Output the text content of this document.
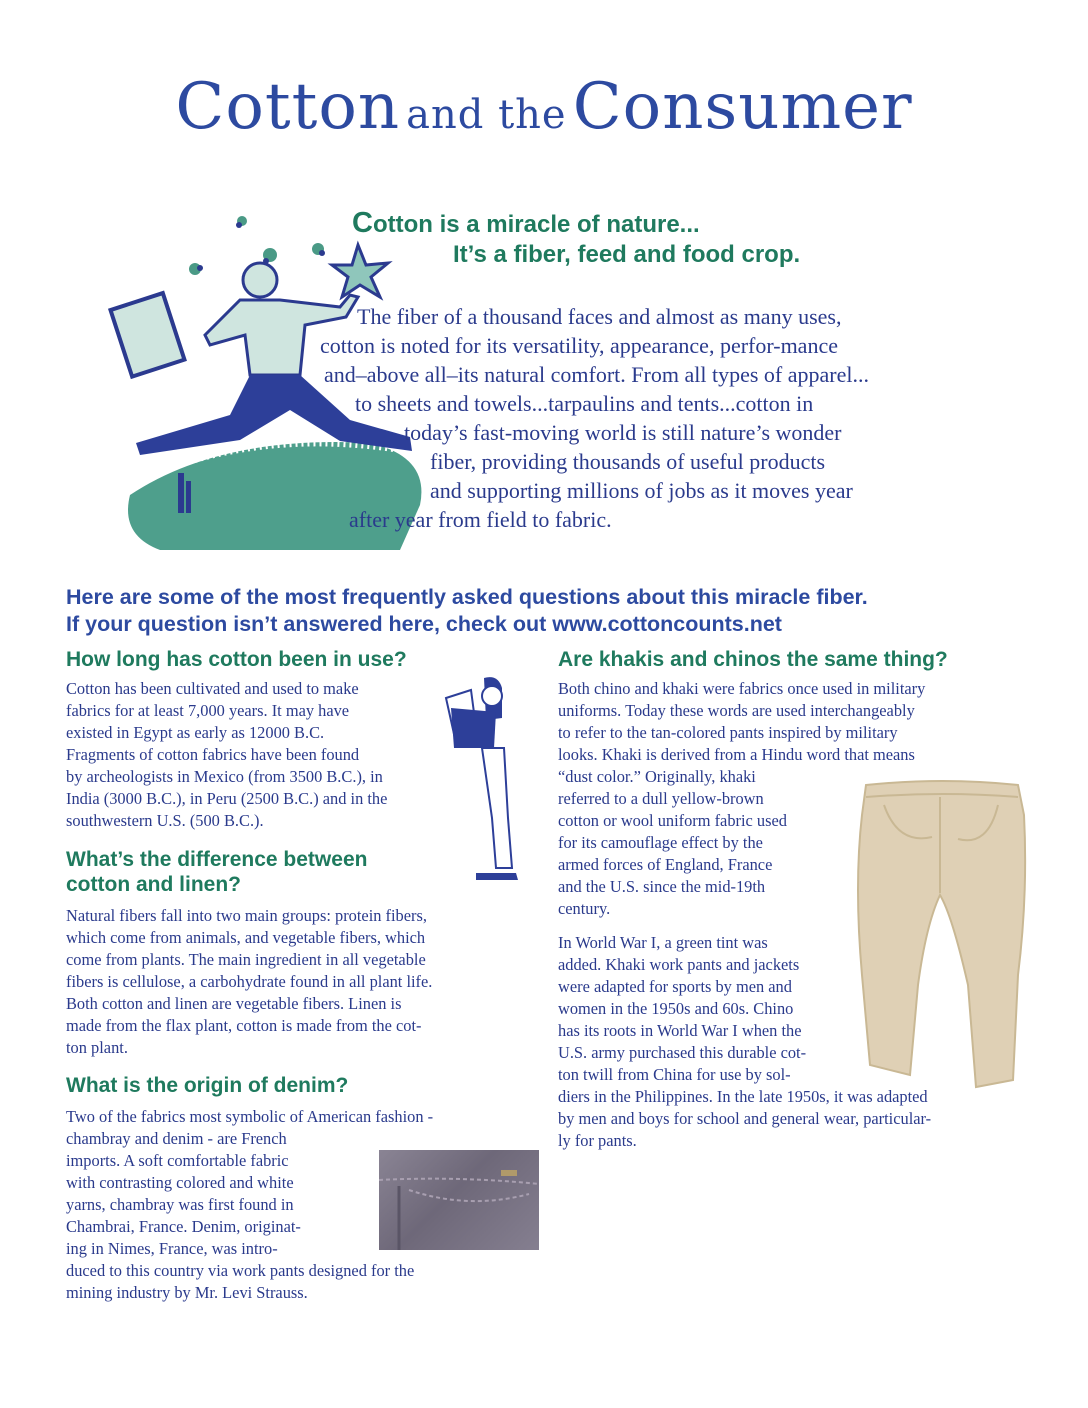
Cotton and the Consumer
Cotton is a miracle of nature...
It’s a fiber, feed and food crop.
The fiber of a thousand faces and almost as many uses,
cotton is noted for its versatility, appearance, perfor-mance
and–above all–its natural comfort. From all types of apparel...
to sheets and towels...tarpaulins and tents...cotton in
today’s fast-moving world is still nature’s wonder
fiber, providing thousands of useful products
and supporting millions of jobs as it moves year
after year from field to fabric.
Here are some of the most frequently asked questions about this miracle fiber.
If your question isn’t answered here, check out www.cottoncounts.net
How long has cotton been in use?
Cotton has been cultivated and used to make
fabrics for at least 7,000 years. It may have
existed in Egypt as early as 12000 B.C.
Fragments of cotton fabrics have been found
by archeologists in Mexico (from 3500 B.C.), in
India (3000 B.C.), in Peru (2500 B.C.) and in the
southwestern U.S. (500 B.C.).
What’s the difference between
cotton and linen?
Natural fibers fall into two main groups: protein fibers,
which come from animals, and vegetable fibers, which
come from plants. The main ingredient in all vegetable
fibers is cellulose, a carbohydrate found in all plant life.
Both cotton and linen are vegetable fibers. Linen is
made from the flax plant, cotton is made from the cot-
ton plant.
What is the origin of denim?
Two of the fabrics most symbolic of American fashion -
chambray and denim - are French
imports. A soft comfortable fabric
with contrasting colored and white
yarns, chambray was first found in
Chambrai, France. Denim, originat-
ing in Nimes, France, was intro-
duced to this country via work pants designed for the
mining industry by Mr. Levi Strauss.
Are khakis and chinos the same thing?
Both chino and khaki were fabrics once used in military
uniforms. Today these words are used interchangeably
to refer to the tan-colored pants inspired by military
looks. Khaki is derived from a Hindu word that means
“dust color.” Originally, khaki
referred to a dull yellow-brown
cotton or wool uniform fabric used
for its camouflage effect by the
armed forces of England, France
and the U.S. since the mid-19th
century.
In World War I, a green tint was
added. Khaki work pants and jackets
were adapted for sports by men and
women in the 1950s and 60s. Chino
has its roots in World War I when the
U.S. army purchased this durable cot-
ton twill from China for use by sol-
diers in the Philippines. In the late 1950s, it was adapted
by men and boys for school and general wear, particular-
ly for pants.
